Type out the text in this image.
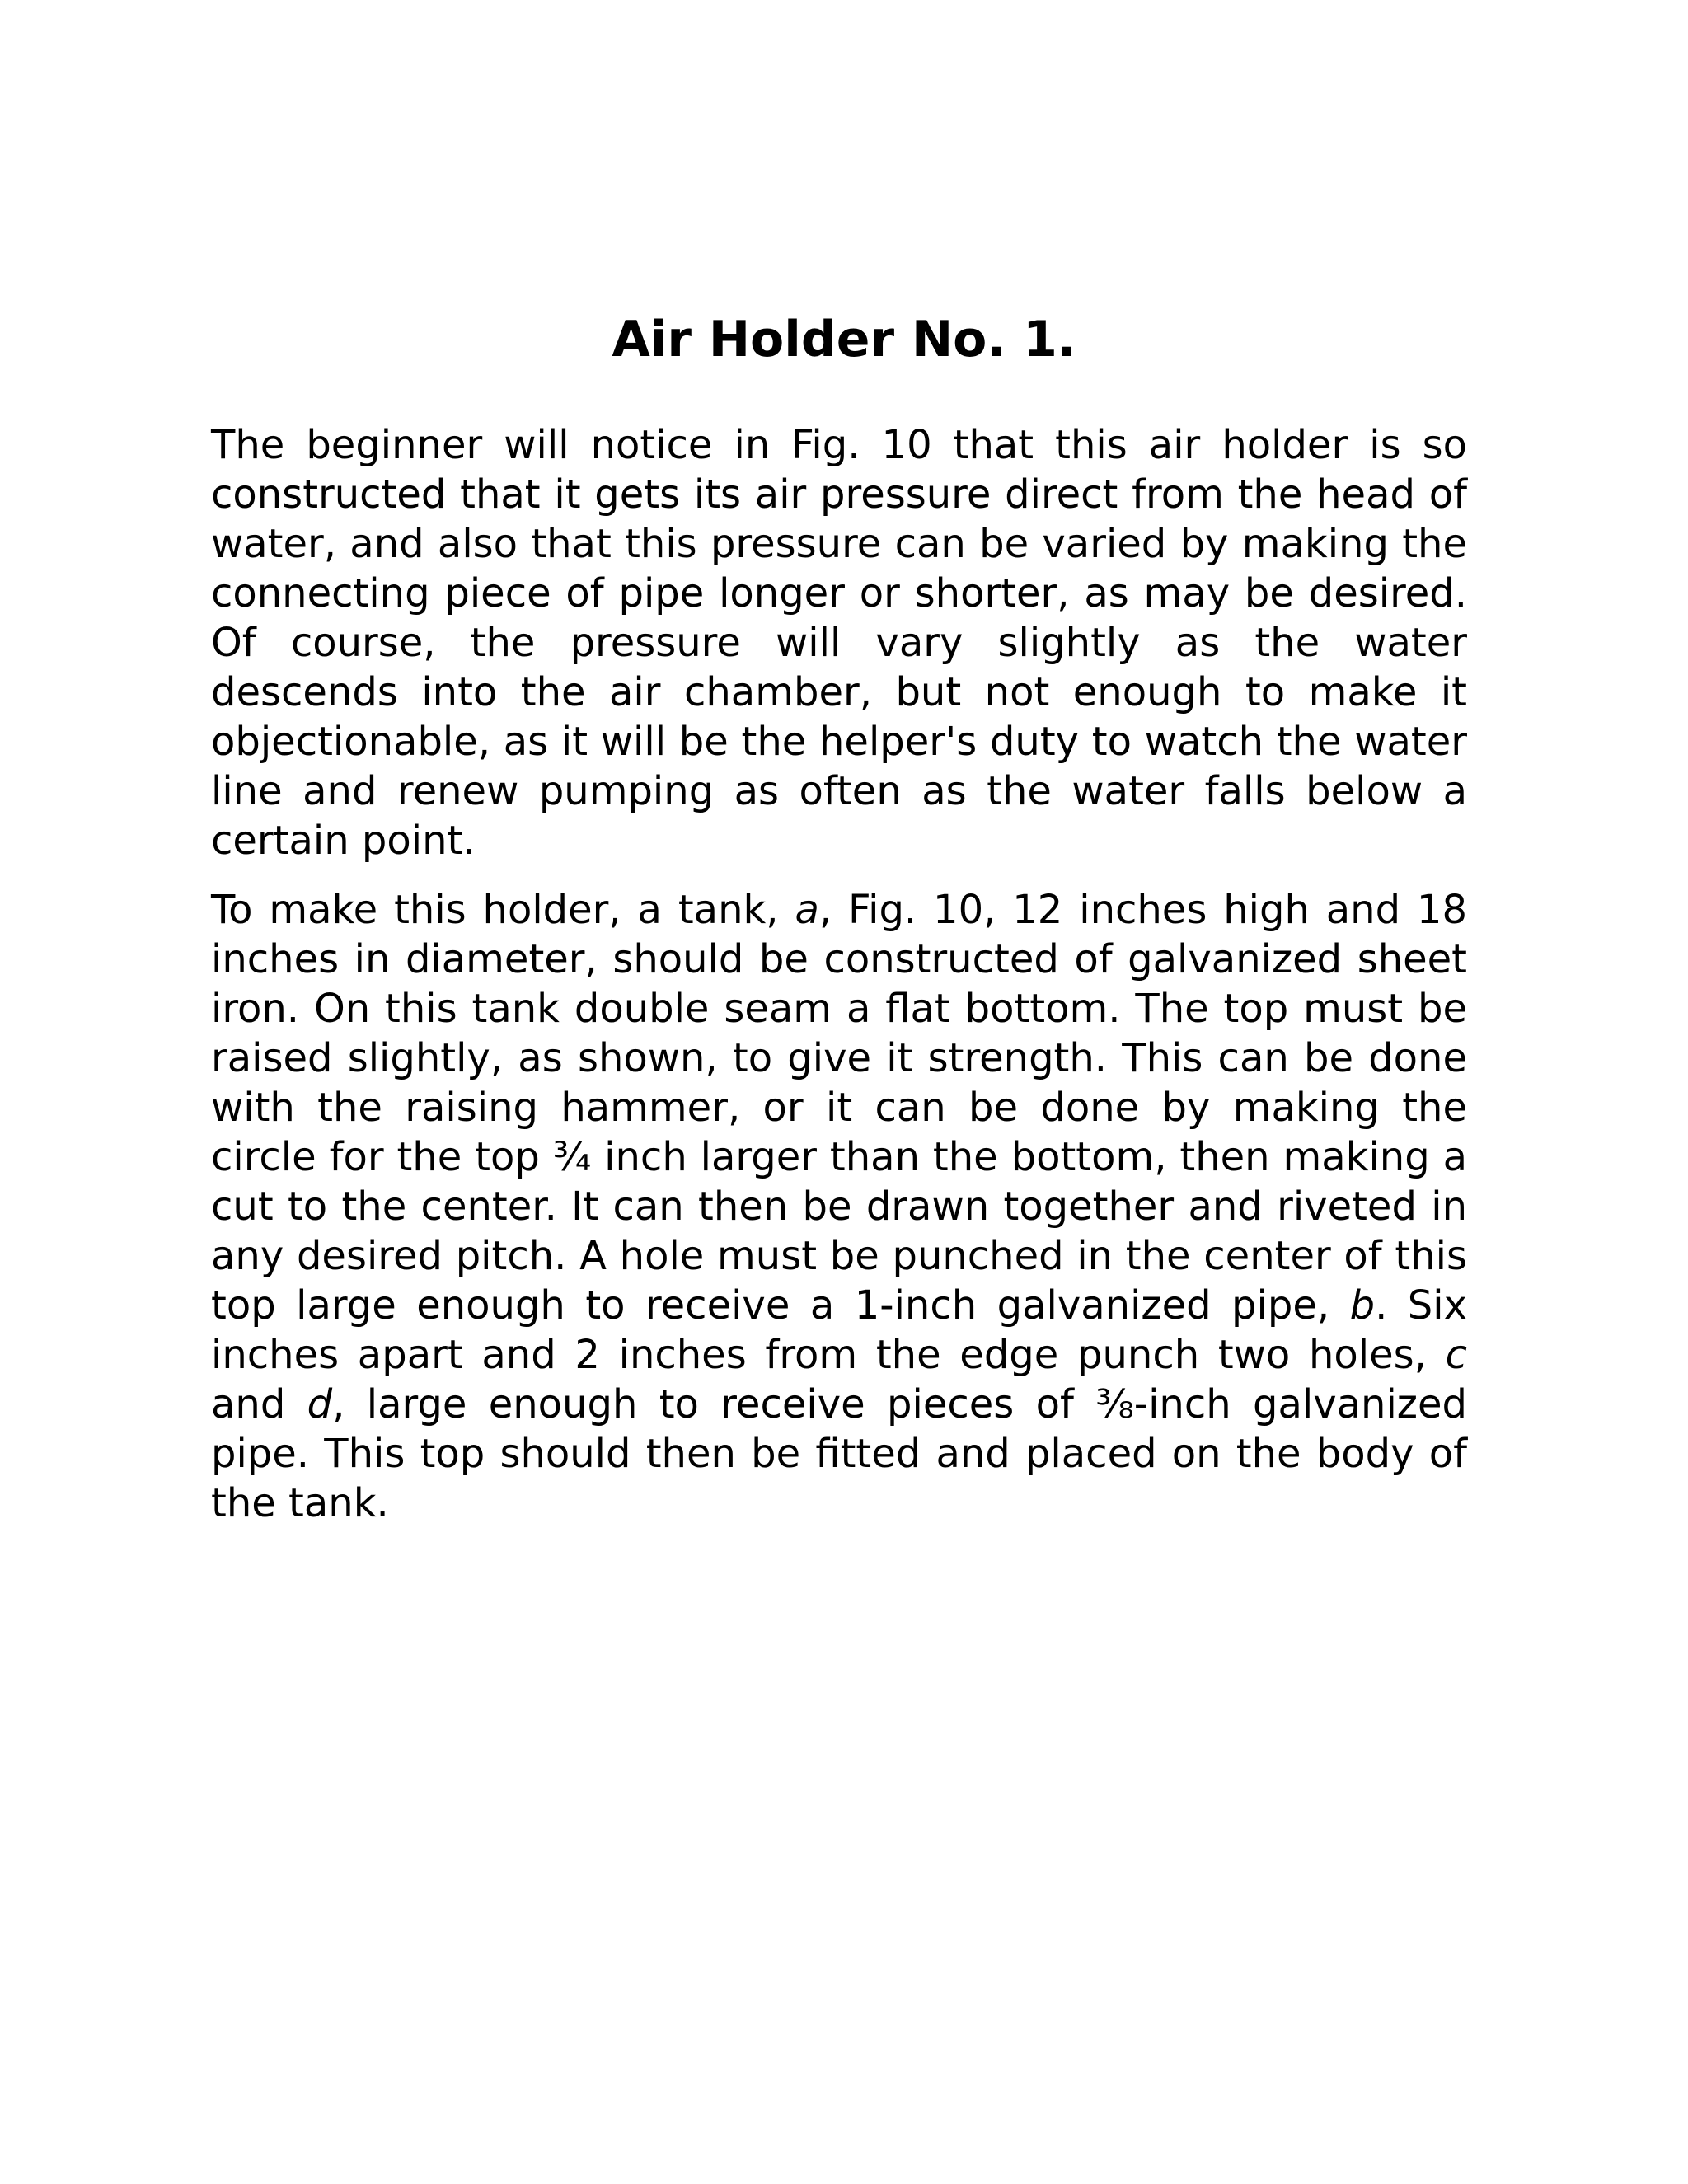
Air Holder No. 1.

The beginner will notice in Fig. 10 that this air holder is so constructed that it gets its air pressure direct from the head of water, and also that this pressure can be varied by making the connecting piece of pipe longer or shorter, as may be desired. Of course, the pressure will vary slightly as the water descends into the air chamber, but not enough to make it objectionable, as it will be the helper's duty to watch the water line and renew pumping as often as the water falls below a certain point.

To make this holder, a tank, a, Fig. 10, 12 inches high and 18 inches in diameter, should be constructed of galvanized sheet iron. On this tank double seam a flat bottom. The top must be raised slightly, as shown, to give it strength. This can be done with the raising hammer, or it can be done by making the circle for the top ¾ inch larger than the bottom, then making a cut to the center. It can then be drawn together and riveted in any desired pitch. A hole must be punched in the center of this top large enough to receive a 1-inch galvanized pipe, b. Six inches apart and 2 inches from the edge punch two holes, c and d, large enough to receive pieces of ⅜-inch galvanized pipe. This top should then be fitted and placed on the body of the tank.
